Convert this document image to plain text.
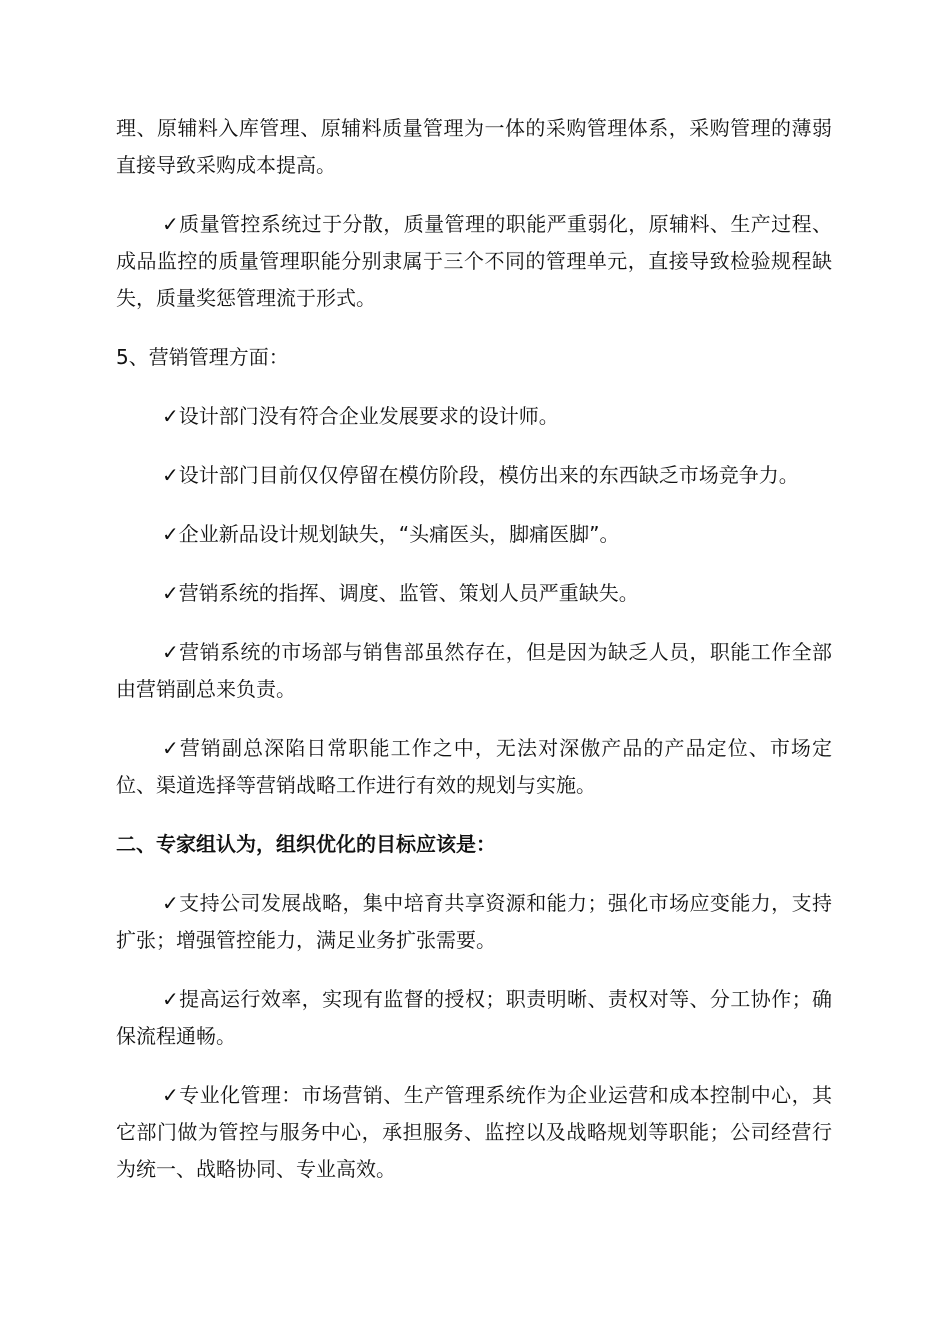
理、原辅料入库管理、原辅料质量管理为一体的采购管理体系，采购管理的薄弱直接导致采购成本提高。

✓质量管控系统过于分散，质量管理的职能严重弱化，原辅料、生产过程、成品监控的质量管理职能分别隶属于三个不同的管理单元，直接导致检验规程缺失，质量奖惩管理流于形式。

5、营销管理方面：

✓设计部门没有符合企业发展要求的设计师。

✓设计部门目前仅仅停留在模仿阶段，模仿出来的东西缺乏市场竞争力。

✓企业新品设计规划缺失，“头痛医头，脚痛医脚”。

✓营销系统的指挥、调度、监管、策划人员严重缺失。

✓营销系统的市场部与销售部虽然存在，但是因为缺乏人员，职能工作全部由营销副总来负责。

✓营销副总深陷日常职能工作之中，无法对深傲产品的产品定位、市场定位、渠道选择等营销战略工作进行有效的规划与实施。

二、专家组认为，组织优化的目标应该是：

✓支持公司发展战略，集中培育共享资源和能力；强化市场应变能力，支持扩张；增强管控能力，满足业务扩张需要。

✓提高运行效率，实现有监督的授权；职责明晰、责权对等、分工协作；确保流程通畅。

✓专业化管理：市场营销、生产管理系统作为企业运营和成本控制中心，其它部门做为管控与服务中心，承担服务、监控以及战略规划等职能；公司经营行为统一、战略协同、专业高效。
